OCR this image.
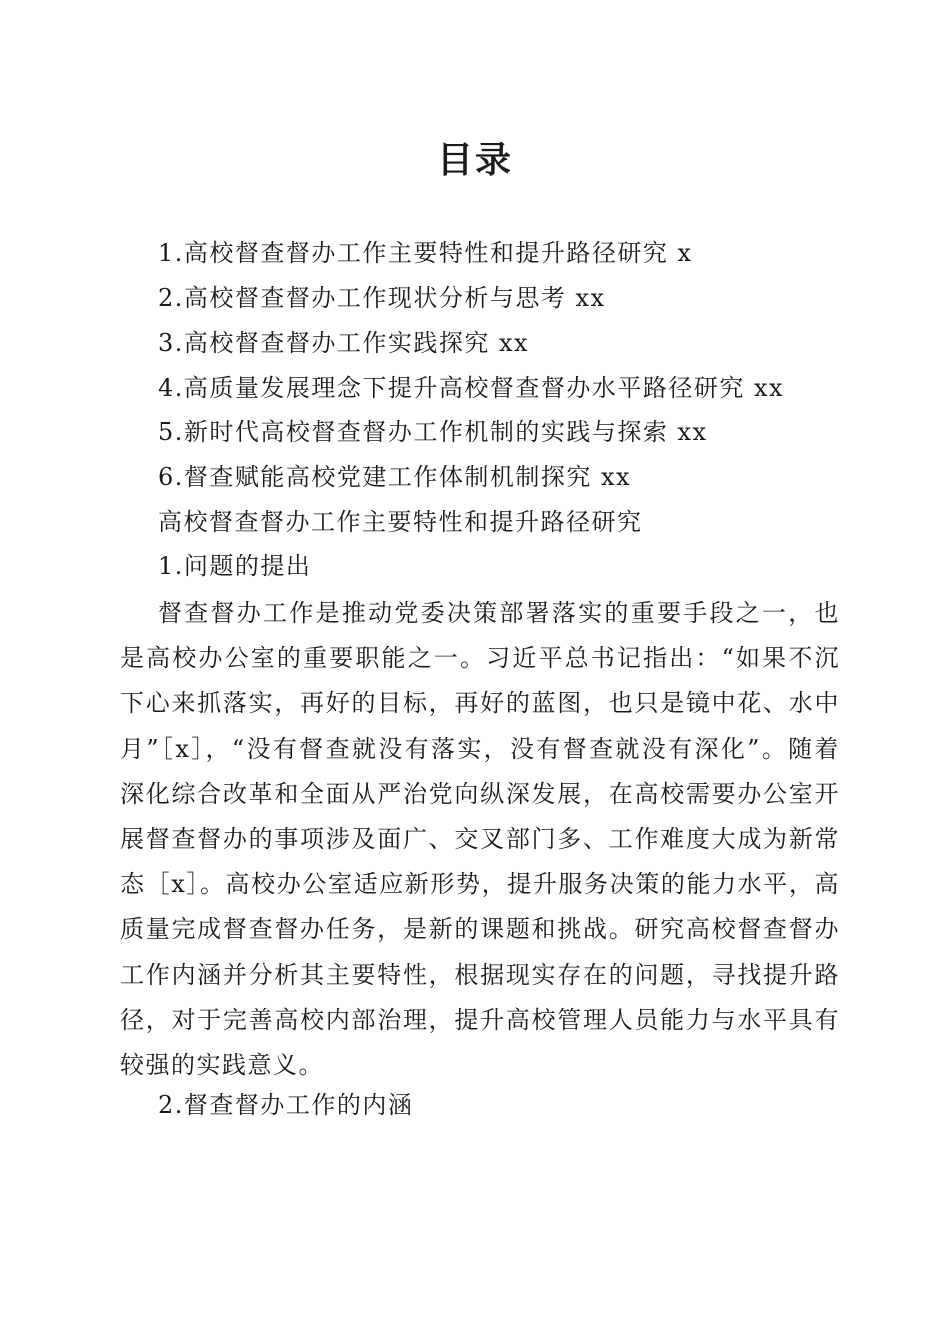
目录
1.高校督查督办工作主要特性和提升路径研究 x
2.高校督查督办工作现状分析与思考 xx
3.高校督查督办工作实践探究 xx
4.高质量发展理念下提升高校督查督办水平路径研究 xx
5.新时代高校督查督办工作机制的实践与探索 xx
6.督查赋能高校党建工作体制机制探究 xx
高校督查督办工作主要特性和提升路径研究
1.问题的提出
督查督办工作是推动党委决策部署落实的重要手段之一，也是高校办公室的重要职能之一。习近平总书记指出：“如果不沉下心来抓落实，再好的目标，再好的蓝图，也只是镜中花、水中月”［x］，“没有督查就没有落实，没有督查就没有深化”。随着深化综合改革和全面从严治党向纵深发展，在高校需要办公室开展督查督办的事项涉及面广、交叉部门多、工作难度大成为新常态［x］。高校办公室适应新形势，提升服务决策的能力水平，高质量完成督查督办任务，是新的课题和挑战。研究高校督查督办工作内涵并分析其主要特性，根据现实存在的问题，寻找提升路径，对于完善高校内部治理，提升高校管理人员能力与水平具有较强的实践意义。
2.督查督办工作的内涵
